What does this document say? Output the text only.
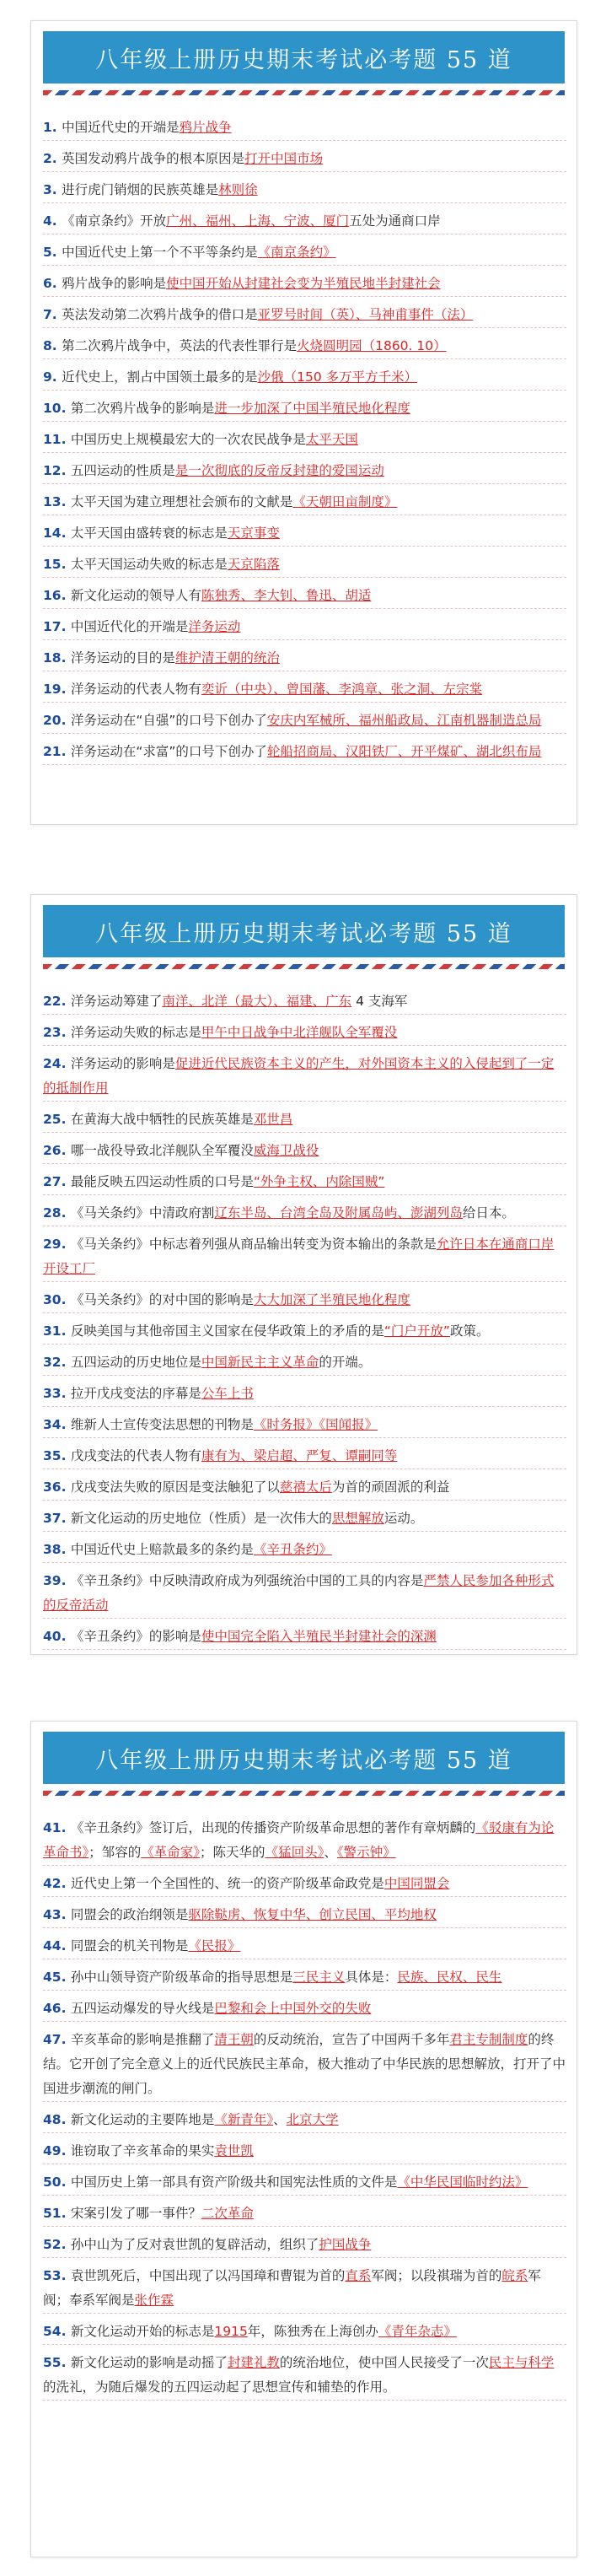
八年级上册历史期末考试必考题 55 道
1. 中国近代史的开端是鸦片战争
2. 英国发动鸦片战争的根本原因是打开中国市场
3. 进行虎门销烟的民族英雄是林则徐
4. 《南京条约》开放广州、福州、上海、宁波、厦门五处为通商口岸
5. 中国近代史上第一个不平等条约是《南京条约》
6. 鸦片战争的影响是使中国开始从封建社会变为半殖民地半封建社会
7. 英法发动第二次鸦片战争的借口是亚罗号时间（英）、马神甫事件（法）
8. 第二次鸦片战争中，英法的代表性罪行是火烧圆明园（1860. 10）
9. 近代史上，割占中国领土最多的是沙俄（150 多万平方千米）
10. 第二次鸦片战争的影响是进一步加深了中国半殖民地化程度
11. 中国历史上规模最宏大的一次农民战争是太平天国
12. 五四运动的性质是是一次彻底的反帝反封建的爱国运动
13. 太平天国为建立理想社会颁布的文献是《天朝田亩制度》
14. 太平天国由盛转衰的标志是天京事变
15. 太平天国运动失败的标志是天京陷落
16. 新文化运动的领导人有陈独秀、李大钊、鲁迅、胡适
17. 中国近代化的开端是洋务运动
18. 洋务运动的目的是维护清王朝的统治
19. 洋务运动的代表人物有奕䜣（中央）、曾国藩、李鸿章、张之洞、左宗棠
20. 洋务运动在“自强”的口号下创办了安庆内军械所、福州船政局、江南机器制造总局
21. 洋务运动在“求富”的口号下创办了轮船招商局、汉阳铁厂、开平煤矿、湖北织布局
八年级上册历史期末考试必考题 55 道
22. 洋务运动筹建了南洋、北洋（最大）、福建、广东 4 支海军
23. 洋务运动失败的标志是甲午中日战争中北洋舰队全军覆没
24. 洋务运动的影响是促进近代民族资本主义的产生，对外国资本主义的入侵起到了一定的抵制作用
25. 在黄海大战中牺牲的民族英雄是邓世昌
26. 哪一战役导致北洋舰队全军覆没威海卫战役
27. 最能反映五四运动性质的口号是“外争主权、内除国贼”
28. 《马关条约》中清政府割辽东半岛、台湾全岛及附属岛屿、澎湖列岛给日本。
29. 《马关条约》中标志着列强从商品输出转变为资本输出的条款是允许日本在通商口岸开设工厂
30. 《马关条约》的对中国的影响是大大加深了半殖民地化程度
31. 反映美国与其他帝国主义国家在侵华政策上的矛盾的是“门户开放”政策。
32. 五四运动的历史地位是中国新民主主义革命的开端。
33. 拉开戊戌变法的序幕是公车上书
34. 维新人士宣传变法思想的刊物是《时务报》《国闻报》
35. 戊戌变法的代表人物有康有为、梁启超、严复、谭嗣同等
36. 戊戌变法失败的原因是变法触犯了以慈禧太后为首的顽固派的利益
37. 新文化运动的历史地位（性质）是一次伟大的思想解放运动。
38. 中国近代史上赔款最多的条约是《辛丑条约》
39. 《辛丑条约》中反映清政府成为列强统治中国的工具的内容是严禁人民参加各种形式的反帝活动
40. 《辛丑条约》的影响是使中国完全陷入半殖民半封建社会的深渊
八年级上册历史期末考试必考题 55 道
41. 《辛丑条约》签订后，出现的传播资产阶级革命思想的著作有章炳麟的《驳康有为论革命书》；邹容的《革命家》；陈天华的《猛回头》、《警示钟》
42. 近代史上第一个全国性的、统一的资产阶级革命政党是中国同盟会
43. 同盟会的政治纲领是驱除鞑虏、恢复中华、创立民国、平均地权
44. 同盟会的机关刊物是《民报》
45. 孙中山领导资产阶级革命的指导思想是三民主义具体是：民族、民权、民生
46. 五四运动爆发的导火线是巴黎和会上中国外交的失败
47. 辛亥革命的影响是推翻了清王朝的反动统治，宣告了中国两千多年君主专制制度的终结。它开创了完全意义上的近代民族民主革命，极大推动了中华民族的思想解放，打开了中国进步潮流的闸门。
48. 新文化运动的主要阵地是《新青年》、北京大学
49. 谁窃取了辛亥革命的果实袁世凯
50. 中国历史上第一部具有资产阶级共和国宪法性质的文件是《中华民国临时约法》
51. 宋案引发了哪一事件？二次革命
52. 孙中山为了反对袁世凯的复辟活动，组织了护国战争
53. 袁世凯死后，中国出现了以冯国璋和曹锟为首的直系军阀；以段祺瑞为首的皖系军阀；奉系军阀是张作霖
54. 新文化运动开始的标志是1915年，陈独秀在上海创办《青年杂志》
55. 新文化运动的影响是动摇了封建礼教的统治地位，使中国人民接受了一次民主与科学的洗礼，为随后爆发的五四运动起了思想宣传和辅垫的作用。
